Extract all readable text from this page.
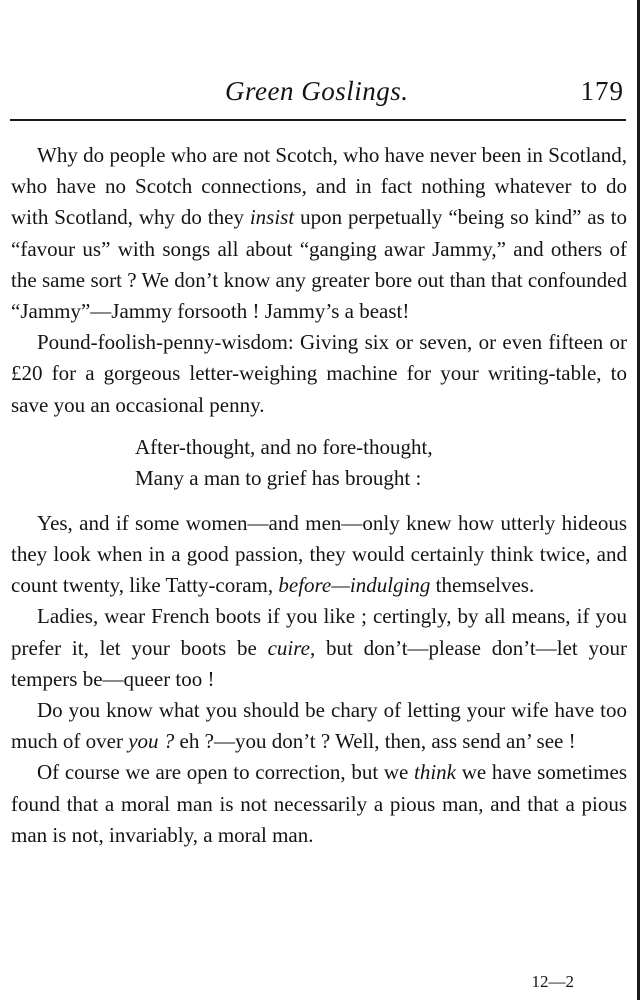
Green Goslings.	179

Why do people who are not Scotch, who have never been in Scotland, who have no Scotch connections, and in fact nothing whatever to do with Scotland, why do they insist upon perpetually “being so kind” as to “favour us” with songs all about “ganging awar Jammy,” and others of the same sort ? We don’t know any greater bore out than that confounded “Jammy”—Jammy forsooth ! Jammy’s a beast!

Pound-foolish-penny-wisdom: Giving six or seven, or even fifteen or £20 for a gorgeous letter-weighing machine for your writing-table, to save you an occasional penny.

After-thought, and no fore-thought,
Many a man to grief has brought :

Yes, and if some women—and men—only knew how utterly hideous they look when in a good passion, they would certainly think twice, and count twenty, like Tatty-coram, before—indulging themselves.

Ladies, wear French boots if you like ; certingly, by all means, if you prefer it, let your boots be cuire, but don’t—please don’t—let your tempers be—queer too !

Do you know what you should be chary of letting your wife have too much of over you ? eh ?—you don’t ? Well, then, ass send an’ see !

Of course we are open to correction, but we think we have sometimes found that a moral man is not necessarily a pious man, and that a pious man is not, invariably, a moral man.

12—2
